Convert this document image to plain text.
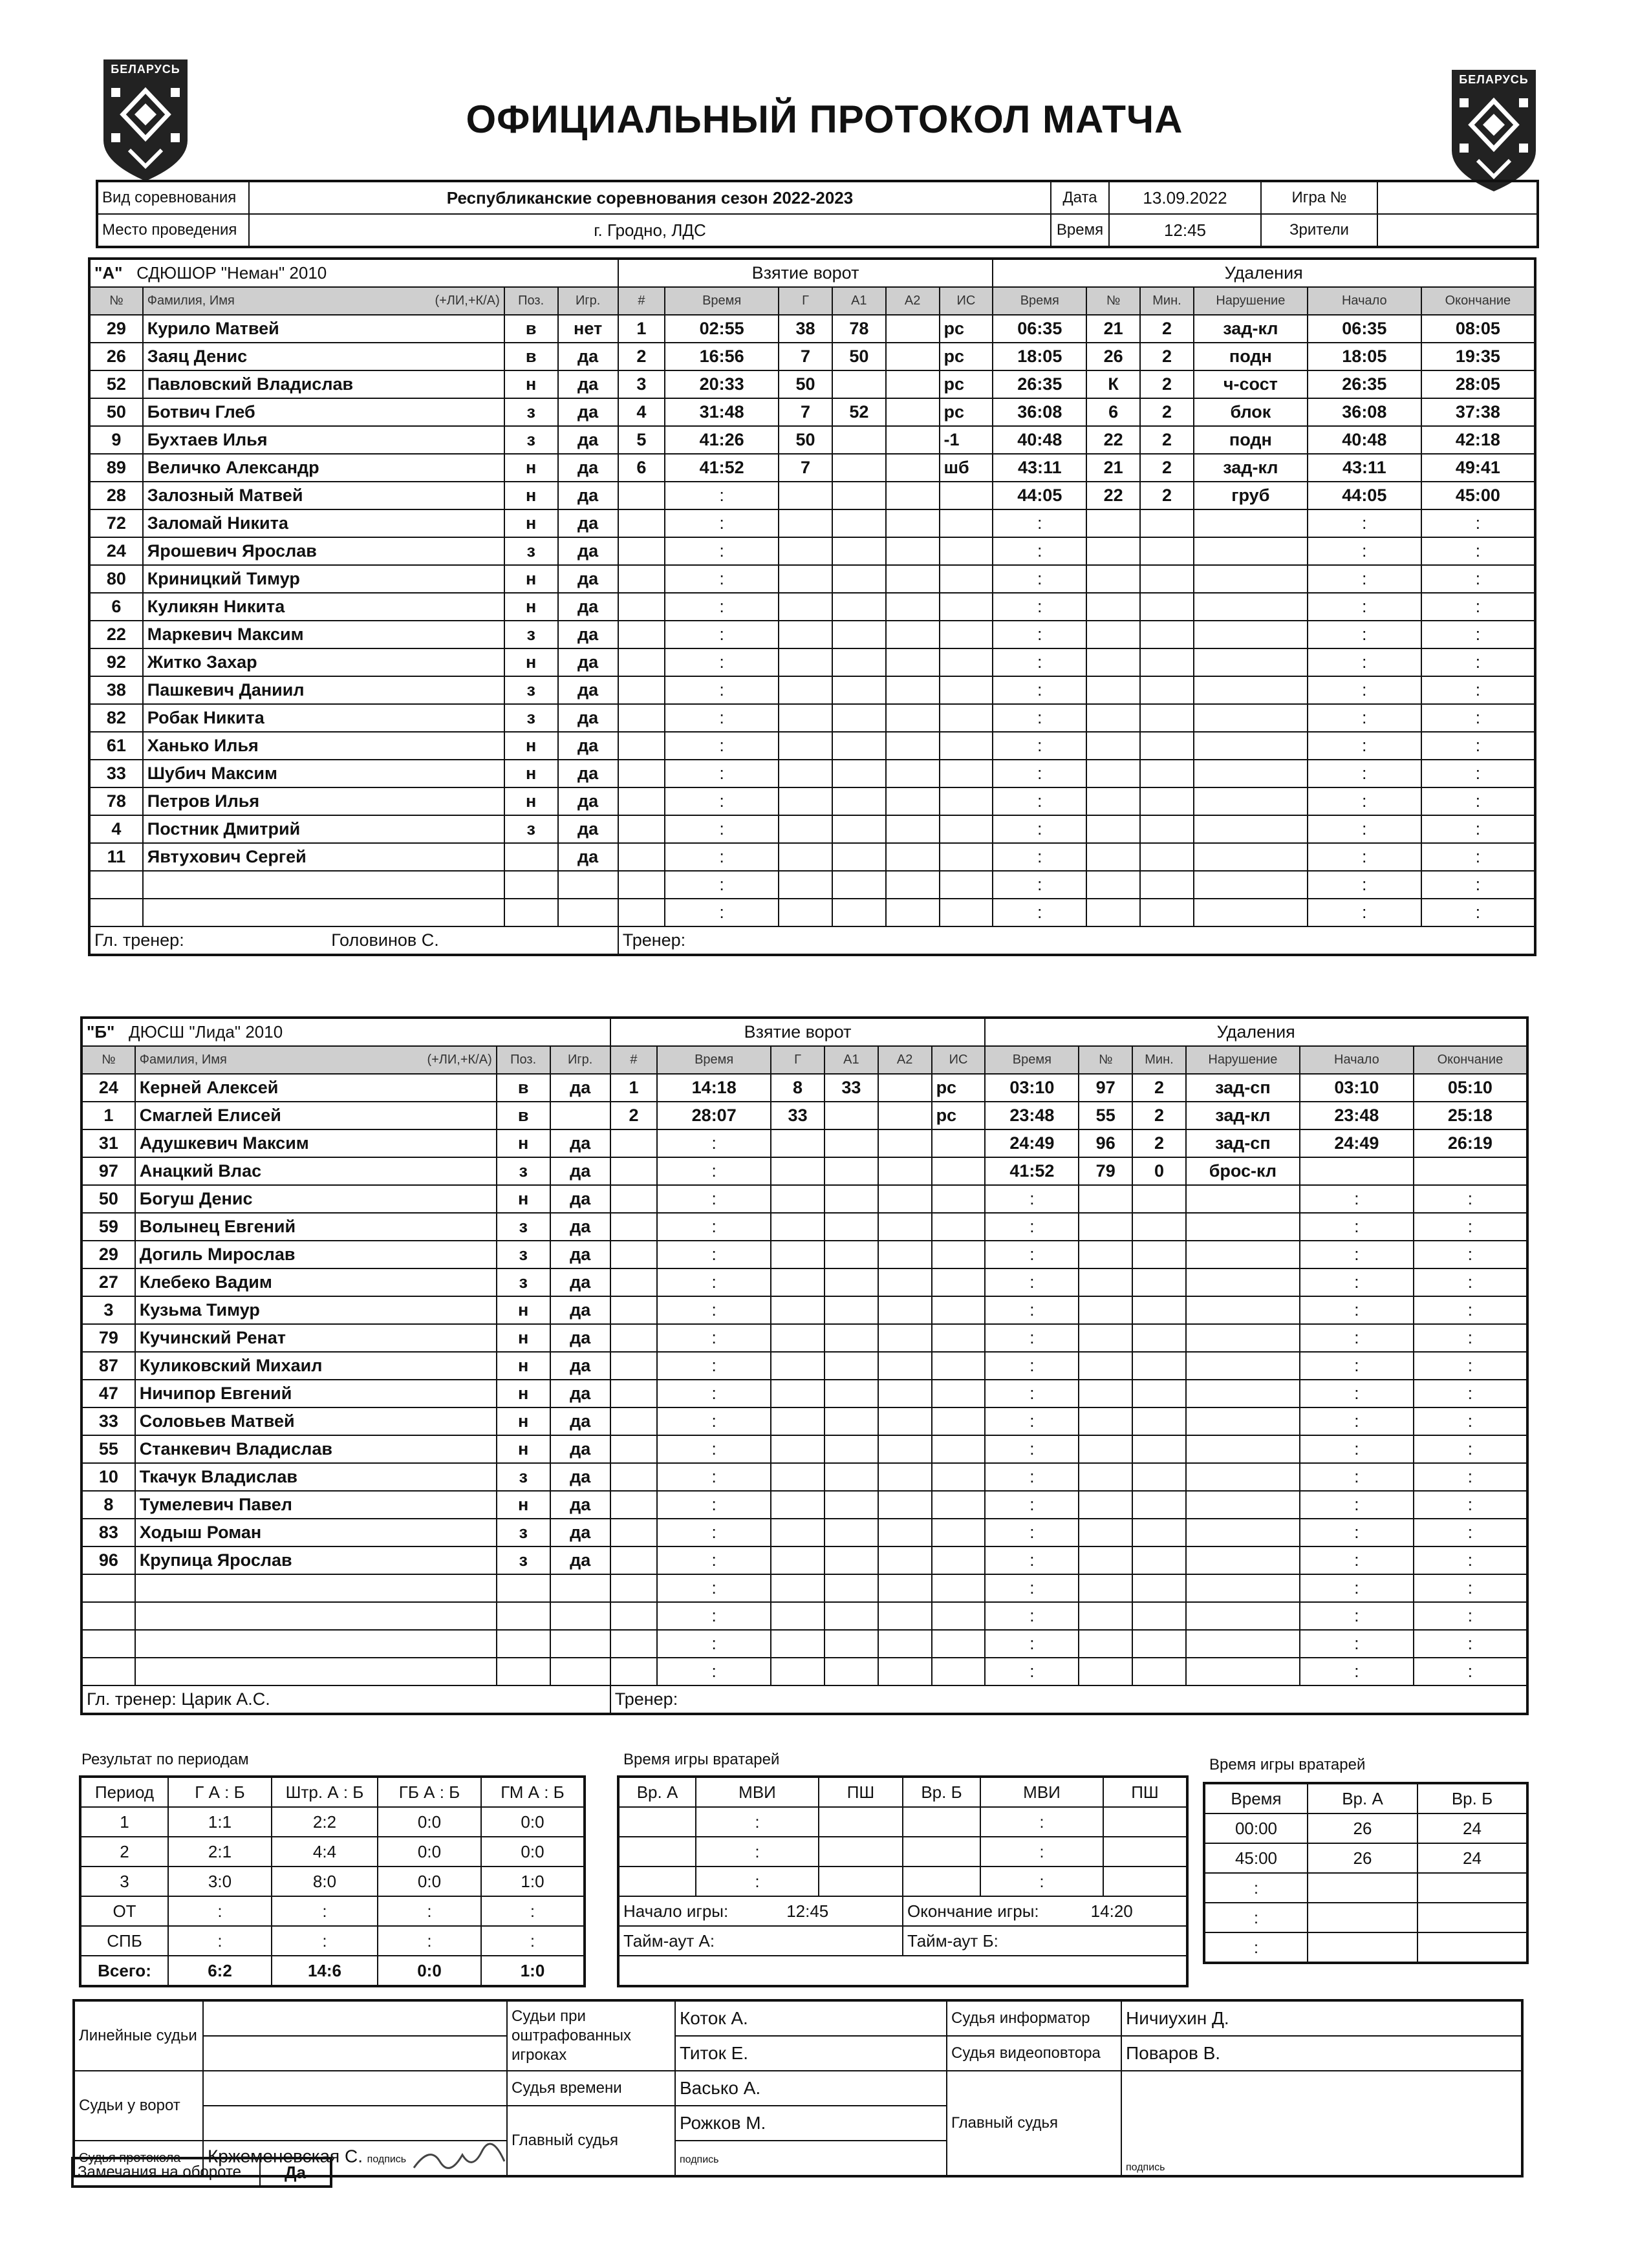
БЕЛАРУСЬ
БЕЛАРУСЬ
ОФИЦИАЛЬНЫЙ ПРОТОКОЛ МАТЧА
Вид соревнования	Республиканские соревнования сезон 2022-2023	Дата	13.09.2022	Игра №	
Место проведения	г. Гродно, ЛДС	Время	12:45	Зрители	
"А" СДЮШОР "Неман" 2010				Взятие ворот						Удаления					
№	Фамилия, Имя (+ЛИ,+К/А)	Поз.	Игр.	#	Время	Г	А1	А2	ИС	Время	№	Мин.	Нарушение	Начало	Окончание
29	Курило Матвей	в	нет	1	02:55	38	78		рс	06:35	21	2	зад-кл	06:35	08:05
26	Заяц Денис	в	да	2	16:56	7	50		рс	18:05	26	2	подн	18:05	19:35
52	Павловский Владислав	н	да	3	20:33	50			рс	26:35	К	2	ч-сост	26:35	28:05
50	Ботвич Глеб	з	да	4	31:48	7	52		рс	36:08	6	2	блок	36:08	37:38
9	Бухтаев Илья	з	да	5	41:26	50			-1	40:48	22	2	подн	40:48	42:18
89	Величко Александр	н	да	6	41:52	7			шб	43:11	21	2	зад-кл	43:11	49:41
28	Залозный Матвей	н	да		:					44:05	22	2	груб	44:05	45:00
72	Заломай Никита	н	да		:					:				:	:
24	Ярошевич Ярослав	з	да		:					:				:	:
80	Криницкий Тимур	н	да		:					:				:	:
6	Куликян Никита	н	да		:					:				:	:
22	Маркевич Максим	з	да		:					:				:	:
92	Житко Захар	н	да		:					:				:	:
38	Пашкевич Даниил	з	да		:					:				:	:
82	Робак Никита	з	да		:					:				:	:
61	Ханько Илья	н	да		:					:				:	:
33	Шубич Максим	н	да		:					:				:	:
78	Петров Илья	н	да		:					:				:	:
4	Постник Дмитрий	з	да		:					:				:	:
11	Явтухович Сергей		да		:					:				:	:
					:					:				:	:
					:					:				:	:
Гл. тренер: Головинов С.				Тренер:											
"Б" ДЮСШ "Лида" 2010				Взятие ворот						Удаления					
№	Фамилия, Имя (+ЛИ,+К/А)	Поз.	Игр.	#	Время	Г	А1	А2	ИС	Время	№	Мин.	Нарушение	Начало	Окончание
24	Керней Алексей	в	да	1	14:18	8	33		рс	03:10	97	2	зад-сп	03:10	05:10
1	Смаглей Елисей	в		2	28:07	33			рс	23:48	55	2	зад-кл	23:48	25:18
31	Адушкевич Максим	н	да		:					24:49	96	2	зад-сп	24:49	26:19
97	Анацкий Влас	з	да		:					41:52	79	0	брос-кл		
50	Богуш Денис	н	да		:					:				:	:
59	Волынец Евгений	з	да		:					:				:	:
29	Догиль Мирослав	з	да		:					:				:	:
27	Клебеко Вадим	з	да		:					:				:	:
3	Кузьма Тимур	н	да		:					:				:	:
79	Кучинский Ренат	н	да		:					:				:	:
87	Куликовский Михаил	н	да		:					:				:	:
47	Ничипор Евгений	н	да		:					:				:	:
33	Соловьев Матвей	н	да		:					:				:	:
55	Станкевич Владислав	н	да		:					:				:	:
10	Ткачук Владислав	з	да		:					:				:	:
8	Тумелевич Павел	н	да		:					:				:	:
83	Ходыш Роман	з	да		:					:				:	:
96	Крупица Ярослав	з	да		:					:				:	:
					:					:				:	:
					:					:				:	:
					:					:				:	:
					:					:				:	:
Гл. тренер: Царик А.С.				Тренер:											
Результат по периодам
Период	Г А : Б	Штр. А : Б	ГБ А : Б	ГМ А : Б
1	1:1	2:2	0:0	0:0
2	2:1	4:4	0:0	0:0
3	3:0	8:0	0:0	1:0
ОТ	:	:	:	:
СПБ	:	:	:	:
Всего:	6:2	14:6	0:0	1:0
Время игры вратарей
Вр. А	МВИ	ПШ	Вр. Б	МВИ	ПШ
	:			:	
	:			:	
	:			:	
Начало игры: 12:45			Окончание игры: 14:20		
Тайм-аут А:			Тайм-аут Б:		

Время игры вратарей
Время	Вр. А	Вр. Б
00:00	26	24
45:00	26	24
:		
:		
:		
Линейные судьи		Судьи при оштрафованных игроках	Коток А.	Судья информатор	Ничиухин Д.
			Титок Е.	Судья видеоповтора	Поваров В.
Судьи у ворот		Судья времени	Васько А.	Главный судья	подпись
		Главный судья	Рожков М.		
Судья протокола	Кржеменевская С. подпись		подпись		
Замечания на обороте	Да
